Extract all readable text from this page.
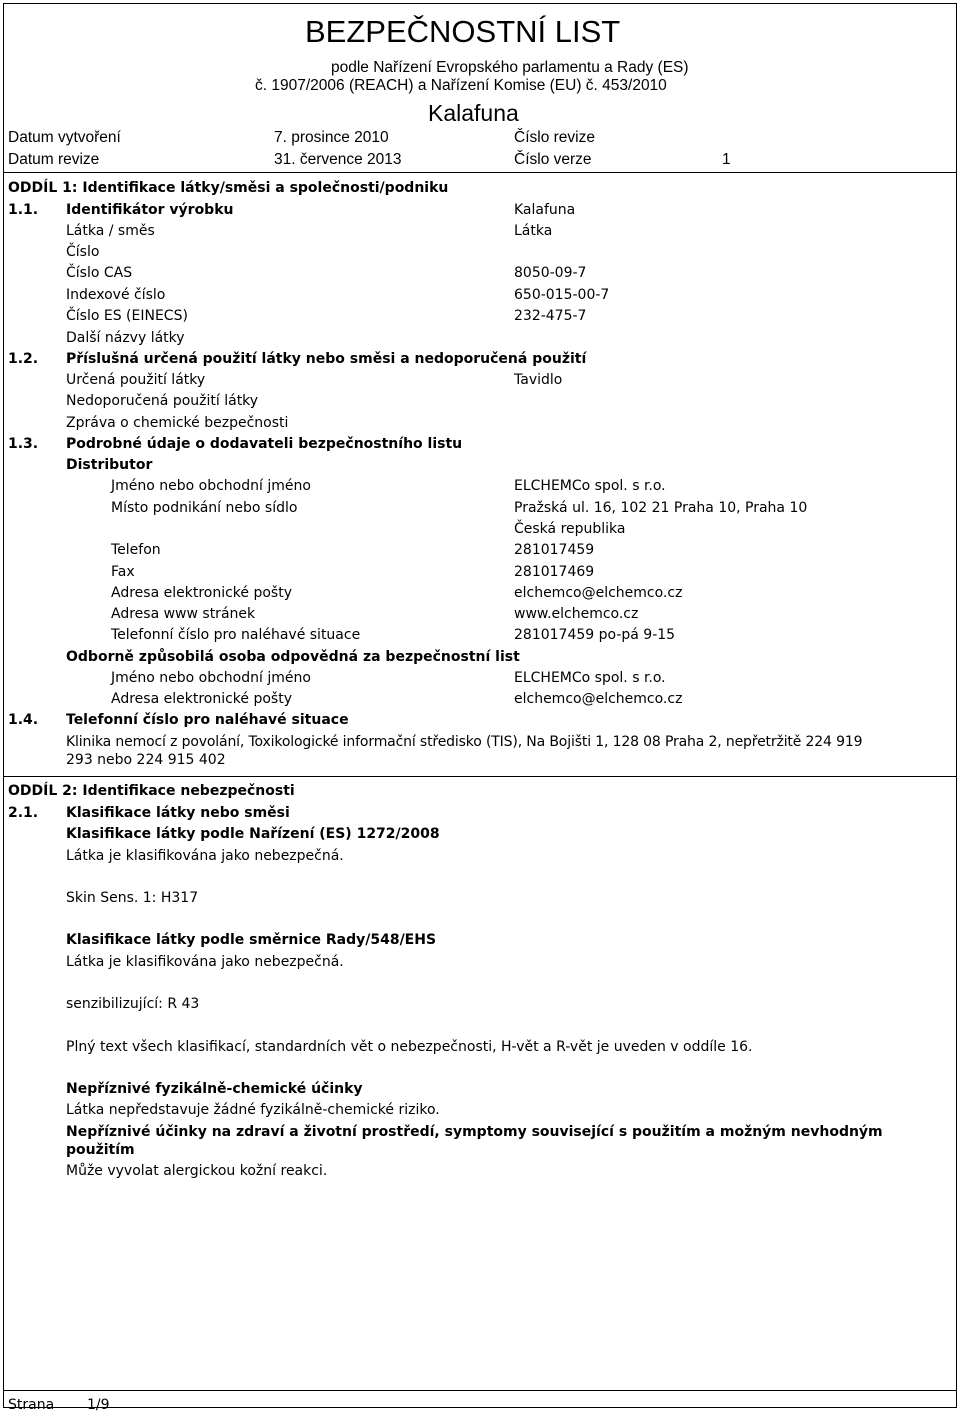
BEZPEČNOSTNÍ LIST
podle Nařízení Evropského parlamentu a Rady (ES)
č. 1907/2006 (REACH) a Nařízení Komise (EU) č. 453/2010
Kalafuna
Datum vytvoření	7. prosince 2010	Číslo revize
Datum revize	31. července 2013	Číslo verze	1
ODDÍL 1: Identifikace látky/směsi a společnosti/podniku
1.1. Identifikátor výrobku	Kalafuna
Látka / směs	Látka
Číslo
Číslo CAS	8050-09-7
Indexové číslo	650-015-00-7
Číslo ES (EINECS)	232-475-7
Další názvy látky
1.2. Příslušná určená použití látky nebo směsi a nedoporučená použití
Určená použití látky	Tavidlo
Nedoporučená použití látky
Zpráva o chemické bezpečnosti
1.3. Podrobné údaje o dodavateli bezpečnostního listu
Distributor
Jméno nebo obchodní jméno	ELCHEMCo spol. s r.o.
Místo podnikání nebo sídlo	Pražská ul. 16, 102 21 Praha 10, Praha 10
Česká republika
Telefon	281017459
Fax	281017469
Adresa elektronické pošty	elchemco@elchemco.cz
Adresa www stránek	www.elchemco.cz
Telefonní číslo pro naléhavé situace	281017459 po-pá 9-15
Odborně způsobilá osoba odpovědná za bezpečnostní list
Jméno nebo obchodní jméno	ELCHEMCo spol. s r.o.
Adresa elektronické pošty	elchemco@elchemco.cz
1.4. Telefonní číslo pro naléhavé situace
Klinika nemocí z povolání, Toxikologické informační středisko (TIS), Na Bojišti 1, 128 08 Praha 2, nepřetržitě 224 919
293 nebo 224 915 402
ODDÍL 2: Identifikace nebezpečnosti
2.1. Klasifikace látky nebo směsi
Klasifikace látky podle Nařízení (ES) 1272/2008
Látka je klasifikována jako nebezpečná.
Skin Sens. 1: H317
Klasifikace látky podle směrnice Rady/548/EHS
Látka je klasifikována jako nebezpečná.
senzibilizující: R 43
Plný text všech klasifikací, standardních vět o nebezpečnosti, H-vět a R-vět je uveden v oddíle 16.
Nepříznivé fyzikálně-chemické účinky
Látka nepředstavuje žádné fyzikálně-chemické riziko.
Nepříznivé účinky na zdraví a životní prostředí, symptomy související s použitím a možným nevhodným
použitím
Může vyvolat alergickou kožní reakci.
Strana 1/9
